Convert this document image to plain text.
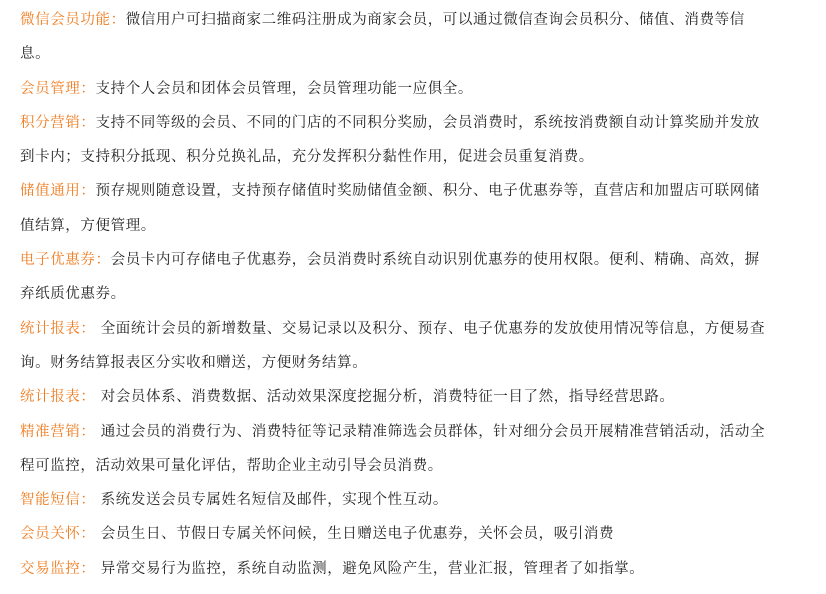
微信会员功能：微信用户可扫描商家二维码注册成为商家会员，可以通过微信查询会员积分、储值、消费等信
息。
会员管理：支持个人会员和团体会员管理，会员管理功能一应俱全。
积分营销：支持不同等级的会员、不同的门店的不同积分奖励，会员消费时，系统按消费额自动计算奖励并发放
到卡内；支持积分抵现、积分兑换礼品，充分发挥积分黏性作用，促进会员重复消费。
储值通用：预存规则随意设置，支持预存储值时奖励储值金额、积分、电子优惠券等，直营店和加盟店可联网储
值结算，方便管理。
电子优惠券：会员卡内可存储电子优惠券，会员消费时系统自动识别优惠券的使用权限。便利、精确、高效，摒
弃纸质优惠券。
统计报表： 全面统计会员的新增数量、交易记录以及积分、预存、电子优惠券的发放使用情况等信息，方便易查
询。财务结算报表区分实收和赠送，方便财务结算。
统计报表： 对会员体系、消费数据、活动效果深度挖掘分析，消费特征一目了然，指导经营思路。
精准营销： 通过会员的消费行为、消费特征等记录精准筛选会员群体，针对细分会员开展精准营销活动，活动全
程可监控，活动效果可量化评估，帮助企业主动引导会员消费。
智能短信： 系统发送会员专属姓名短信及邮件，实现个性互动。
会员关怀： 会员生日、节假日专属关怀问候，生日赠送电子优惠券，关怀会员，吸引消费
交易监控： 异常交易行为监控，系统自动监测，避免风险产生，营业汇报，管理者了如指掌。
